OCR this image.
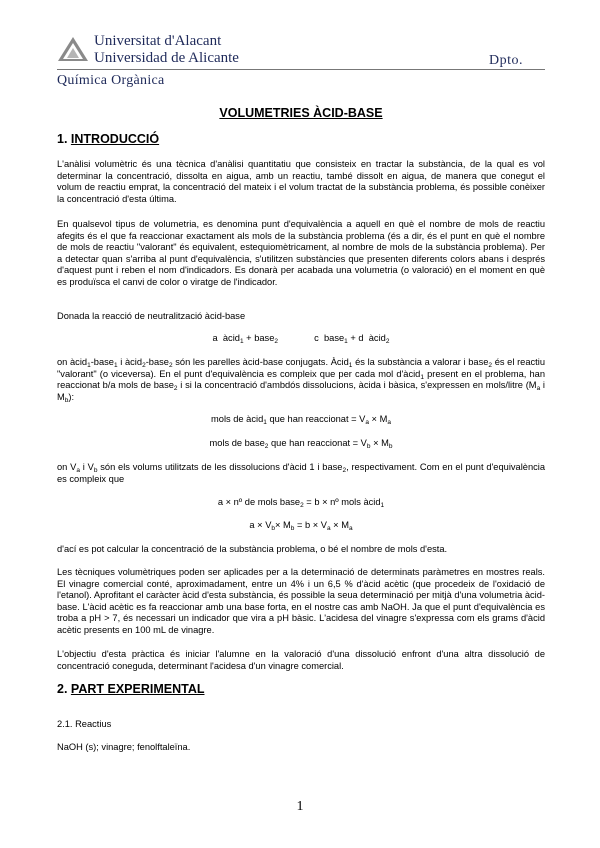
Universitat d'Alacant
Universidad de Alicante
Química Orgànica
Dpto.
VOLUMETRIES ÀCID-BASE
1. INTRODUCCIÓ
L'anàlisi volumètric és una tècnica d'anàlisi quantitatiu que consisteix en tractar la substància, de la qual es vol determinar la concentració, dissolta en aigua, amb un reactiu, també dissolt en aigua, de manera que conegut el volum de reactiu emprat, la concentració del mateix i el volum tractat de la substància problema, és possible conèixer la concentració d'esta última.
En qualsevol tipus de volumetria, es denomina punt d'equivalència a aquell en què el nombre de mols de reactiu afegits és el que fa reaccionar exactament als mols de la substància problema (és a dir, és el punt en què el nombre de mols de reactiu "valorant" és equivalent, estequiomètricament, al nombre de mols de la substància problema). Per a detectar quan s'arriba al punt d'equivalència, s'utilitzen substàncies que presenten diferents colors abans i després d'aquest punt i reben el nom d'indicadors. Es donarà per acabada una volumetria (o valoració) en el moment en què es produïsca el canvi de color o viratge de l'indicador.
Donada la reacció de neutralització àcid-base
a àcid$_1$ + base$_2$	c base$_1$ + d àcid$_2$
on àcid$_1$-base$_1$ i àcid$_2$-base$_2$ són les parelles àcid-base conjugats. Àcid$_1$ és la substància a valorar i base$_2$ és el reactiu "valorant" (o viceversa). En el punt d'equivalència es compleix que per cada mol d'àcid$_1$ present en el problema, han reaccionat b/a mols de base$_2$ i si la concentració d'ambdós dissolucions, àcida i bàsica, s'expressen en mols/litre ($M_a$ i $M_b$):
mols de àcid$_1$ que han reaccionat = $V_a \times M_a$
mols de base$_2$ que han reaccionat = $V_b \times M_b$
on $V_a$ i $V_b$ són els volums utilitzats de les dissolucions d'àcid 1 i base$_2$, respectivament. Com en el punt d'equivalència es compleix que
a × nº de mols base$_2$ = b × nº mols àcid$_1$
$a \times V_b\times M_b = b \times V_a \times M_a$
d'ací es pot calcular la concentració de la substància problema, o bé el nombre de mols d'esta.
Les tècniques volumètriques poden ser aplicades per a la determinació de determinats paràmetres en mostres reals. El vinagre comercial conté, aproximadament, entre un 4% i un 6,5 % d'àcid acètic (que procedeix de l'oxidació de l'etanol). Aprofitant el caràcter àcid d'esta substància, és possible la seua determinació per mitjà d'una volumetria àcid-base. L'àcid acètic es fa reaccionar amb una base forta, en el nostre cas amb NaOH. Ja que el punt d'equivalència es troba a pH > 7, és necessari un indicador que vira a pH bàsic. L'acidesa del vinagre s'expressa com els grams d'àcid acètic presents en 100 mL de vinagre.
L'objectiu d'esta pràctica és iniciar l'alumne en la valoració d'una dissolució enfront d'una altra dissolució de concentració coneguda, determinant l'acidesa d'un vinagre comercial.
2. PART EXPERIMENTAL
2.1. Reactius
NaOH (s); vinagre; fenolftaleïna.
1
